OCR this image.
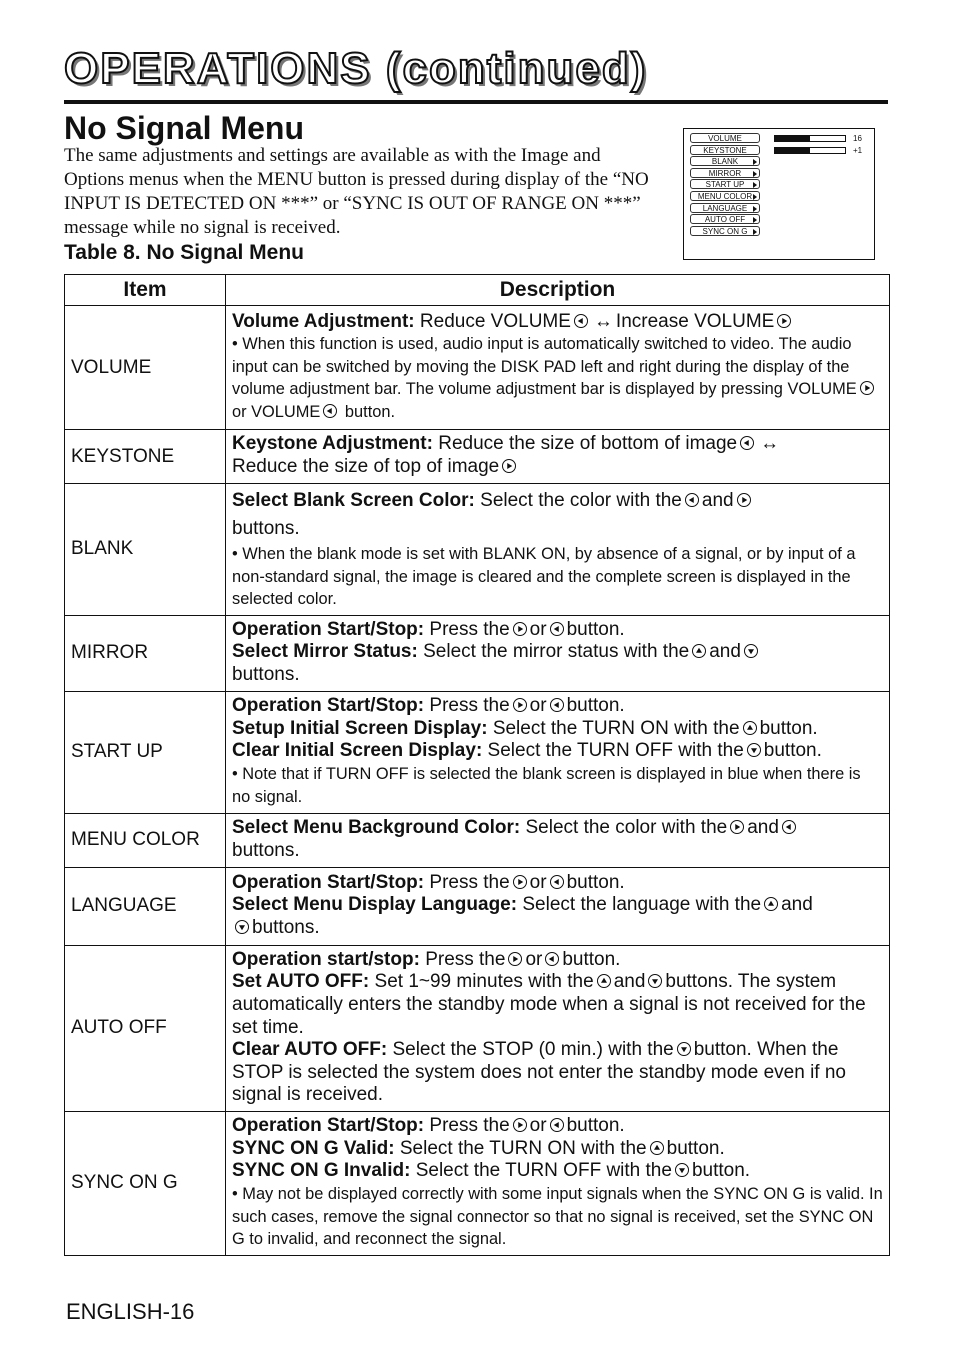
OPERATIONS (continued)
No Signal Menu

The same adjustments and settings are available as with the Image and Options menus when the MENU button is pressed during display of the “NO INPUT IS DETECTED ON ***” or “SYNC IS OUT OF RANGE ON ***” message while no signal is received.

Table 8. No Signal Menu

VOLUME
KEYSTONE
BLANK
MIRROR
START UP
MENU COLOR
LANGUAGE
AUTO OFF
SYNC ON G
16
+1
Item	Description
VOLUME	Volume Adjustment: Reduce VOLUME ↔ Increase VOLUME
• When this function is used, audio input is automatically switched to video. The audio input can be switched by moving the DISK PAD left and right during the display of the volume adjustment bar. The volume adjustment bar is displayed by pressing VOLUME or VOLUME button.
KEYSTONE	Keystone Adjustment: Reduce the size of bottom of image ↔
Reduce the size of top of image
BLANK	Select Blank Screen Color: Select the color with the and
buttons.
• When the blank mode is set with BLANK ON, by absence of a signal, or by input of a non-standard signal, the image is cleared and the complete screen is displayed in the selected color.
MIRROR	Operation Start/Stop: Press the or button.
Select Mirror Status: Select the mirror status with the and
buttons.
START UP	Operation Start/Stop: Press the or button.
Setup Initial Screen Display: Select the TURN ON with the button.
Clear Initial Screen Display: Select the TURN OFF with the button.
• Note that if TURN OFF is selected the blank screen is displayed in blue when there is no signal.
MENU COLOR	Select Menu Background Color: Select the color with the and
buttons.
LANGUAGE	Operation Start/Stop: Press the or button.
Select Menu Display Language: Select the language with the and
buttons.
AUTO OFF	Operation start/stop: Press the or button.
Set AUTO OFF: Set 1~99 minutes with the and buttons. The system automatically enters the standby mode when a signal is not received for the set time.
Clear AUTO OFF: Select the STOP (0 min.) with the button. When the STOP is selected the system does not enter the standby mode even if no signal is received.
SYNC ON G	Operation Start/Stop: Press the or button.
SYNC ON G Valid: Select the TURN ON with the button.
SYNC ON G Invalid: Select the TURN OFF with the button.
• May not be displayed correctly with some input signals when the SYNC ON G is valid. In such cases, remove the signal connector so that no signal is received, set the SYNC ON G to invalid, and reconnect the signal.

ENGLISH-16
